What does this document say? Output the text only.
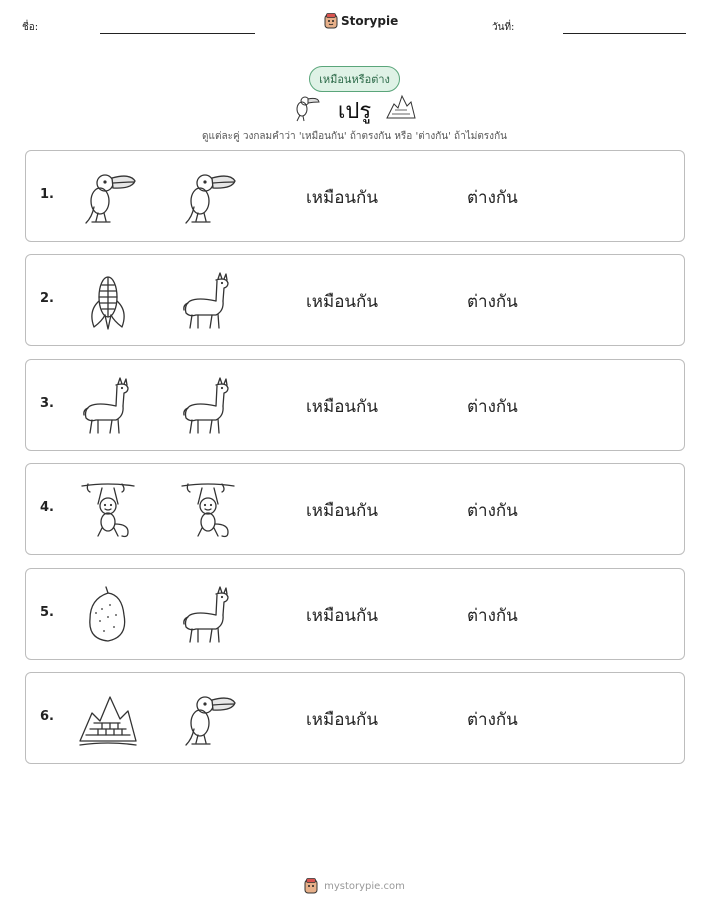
ชื่อ:	Storypie	วันที่:
เหมือนหรือต่าง
เปรู
ดูแต่ละคู่ วงกลมคำว่า 'เหมือนกัน' ถ้าตรงกัน หรือ 'ต่างกัน' ถ้าไม่ตรงกัน
1.	เหมือนกัน	ต่างกัน
2.	เหมือนกัน	ต่างกัน
3.	เหมือนกัน	ต่างกัน
4.	เหมือนกัน	ต่างกัน
5.	เหมือนกัน	ต่างกัน
6.	เหมือนกัน	ต่างกัน
mystorypie.com
